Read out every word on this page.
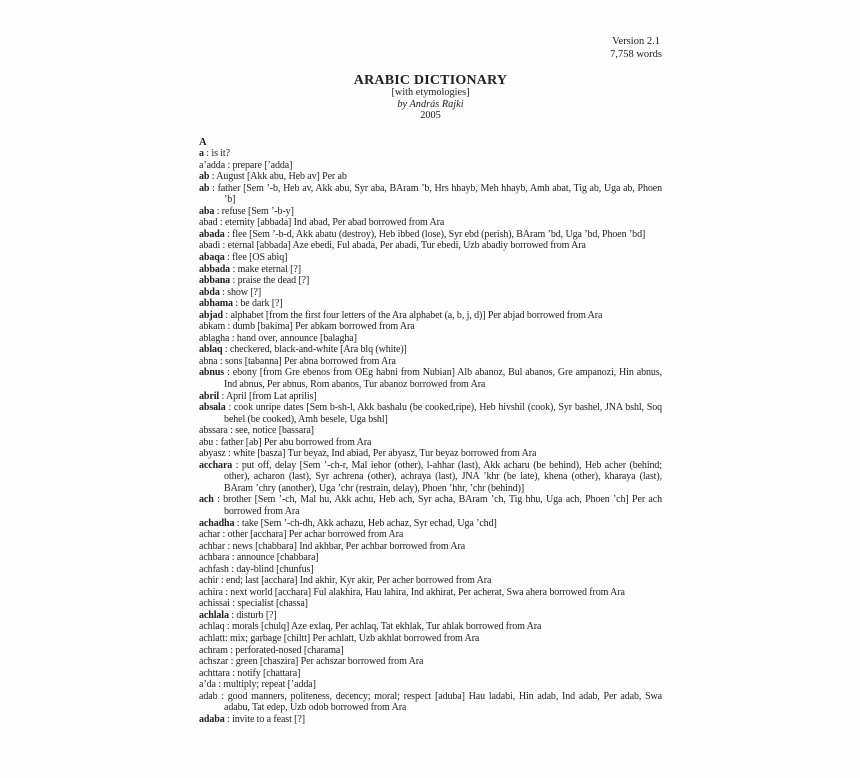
Version 2.1
7,758 words
ARABIC DICTIONARY
[with etymologies]
by András Rajki
2005
A

a : is it?

a’adda : prepare [’adda]

ab : August [Akk abu, Heb av] Per ab

ab : father [Sem ’-b, Heb av, Akk abu, Syr aba, BAram ’b, Hrs hhayb, Meh hhayb, Amh abat, Tig ab, Uga ab, Phoen ’b]

aba : refuse [Sem ’-b-y]

abad : eternity [abbada] Ind abad, Per abad borrowed from Ara

abada : flee [Sem ’-b-d, Akk abatu (destroy), Heb ibbed (lose), Syr ebd (perish), BAram ’bd, Uga ’bd, Phoen ’bd]

abadi : eternal [abbada] Aze ebedi, Ful abada, Per abadi, Tur ebedi, Uzb abadiy borrowed from Ara

abaqa : flee [OS abiq]

abbada : make eternal [?]

abbana : praise the dead [?]

abda : show [?]

abhama : be dark [?]

abjad : alphabet [from the first four letters of the Ara alphabet (a, b, j, d)] Per abjad borrowed from Ara

abkam : dumb [bakima] Per abkam borrowed from Ara

ablagha : hand over, announce [balagha]

ablaq : checkered, black-and-white [Ara blq (white)]

abna : sons [tabanna] Per abna borrowed from Ara

abnus : ebony [from Gre ebenos from OEg habni from Nubian] Alb abanoz, Bul abanos, Gre ampanozi, Hin abnus, Ind abnus, Per abnus, Rom abanos, Tur abanoz borrowed from Ara

abril : April [from Lat aprilis]

absala : cook unripe dates [Sem b-sh-l, Akk bashalu (be cooked,ripe), Heb hivshil (cook), Syr bashel, JNA bshl, Soq behel (be cooked), Amh besele, Uga bshl]

abssara : see, notice [bassara]

abu : father [ab] Per abu borrowed from Ara

abyasz : white [basza] Tur beyaz, Ind abiad, Per abyasz, Tur beyaz borrowed from Ara

acchara : put off, delay [Sem ’-ch-r, Mal iehor (other), l-ahhar (last), Akk acharu (be behind), Heb acher (behind; other), acharon (last), Syr achrena (other), achraya (last), JNA ’khr (be late), khena (other), kharaya (last), BAram ’chry (another), Uga ’chr (restrain, delay), Phoen ’hhr, ’chr (behind)]

ach : brother [Sem ’-ch, Mal hu, Akk achu, Heb ach, Syr acha, BAram ’ch, Tig hhu, Uga ach, Phoen ’ch] Per ach borrowed from Ara

achadha : take [Sem ’-ch-dh, Akk achazu, Heb achaz, Syr echad, Uga ’chd]

achar : other [acchara] Per achar borrowed from Ara

achbar : news [chabbara] Ind akhbar, Per achbar borrowed from Ara

achbara : announce [chabbara]

achfash : day-blind [chunfus]

achir : end; last [acchara] Ind akhir, Kyr akir, Per acher borrowed from Ara

achira : next world [acchara] Ful alakhira, Hau lahira, Ind akhirat, Per acherat, Swa ahera borrowed from Ara

achissai : specialist [chassa]

achlala : disturb [?]

achlaq : morals [chulq] Aze exlaq, Per achlaq, Tat ekhlak, Tur ahlak borrowed from Ara

achlatt: mix; garbage [chiltt] Per achlatt, Uzb akhlat borrowed from Ara

achram : perforated-nosed [charama]

achszar : green [chaszira] Per achszar borrowed from Ara

achttara : notify [chattara]

a’da : multiply; repeat [’adda]

adab : good manners, politeness, decency; moral; respect [aduba] Hau ladabi, Hin adab, Ind adab, Per adab, Swa adabu, Tat edep, Uzb odob borrowed from Ara

adaba : invite to a feast [?]
